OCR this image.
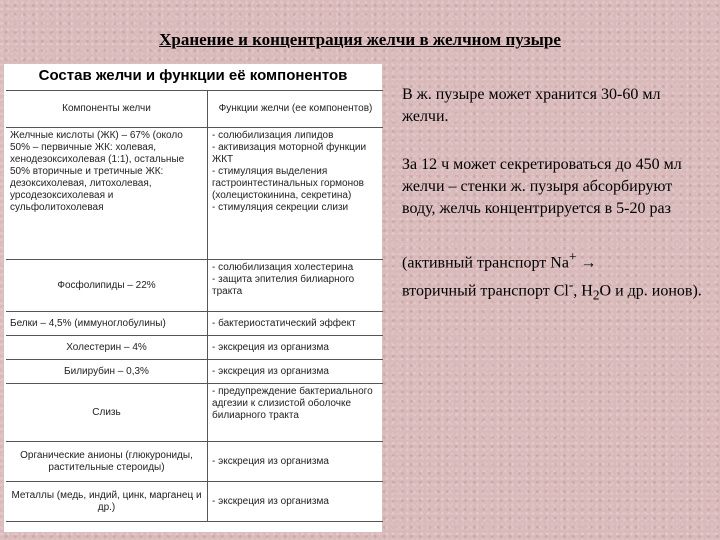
Хранение и концентрация желчи в желчном пузыре
Состав желчи и функции её компонентов
Компоненты желчи	Функции желчи (ее компонентов)
Желчные кислоты (ЖК) – 67% (около 50% – первичные ЖК: холевая, хенодезоксихолевая (1:1), остальные 50% вторичные и третичные ЖК: дезоксихолевая, литохолевая, урсодезоксихолевая и сульфолитохолевая	- солюбилизация липидов
- активизация моторной функции ЖКТ
- стимуляция выделения гастроинтестинальных гормонов (холецистокинина, секретина)
- стимуляция секреции слизи

Фосфолипиды – 22%	- солюбилизация холестерина
- защита эпителия билиарного тракта

Белки – 4,5% (иммуноглобулины)	- бактериостатический эффект

Холестерин – 4%	- экскреция из организма

Билирубин – 0,3%	- экскреция из организма

Слизь	- предупреждение бактериального адгезии к слизистой оболочке билиарного тракта

Органические анионы (глюкурониды, растительные стероиды)	- экскреция из организма

Металлы (медь, индий, цинк, марганец и др.)	- экскреция из организма

В ж. пузыре может хранится 30-60 мл желчи.

За 12 ч может секретироваться до 450 мл желчи – стенки ж. пузыря абсорбируют воду, желчь концентрируется в 5-20 раз

(активный транспорт Na+ →
вторичный транспорт Cl-, $H_2O$ и др. ионов).
